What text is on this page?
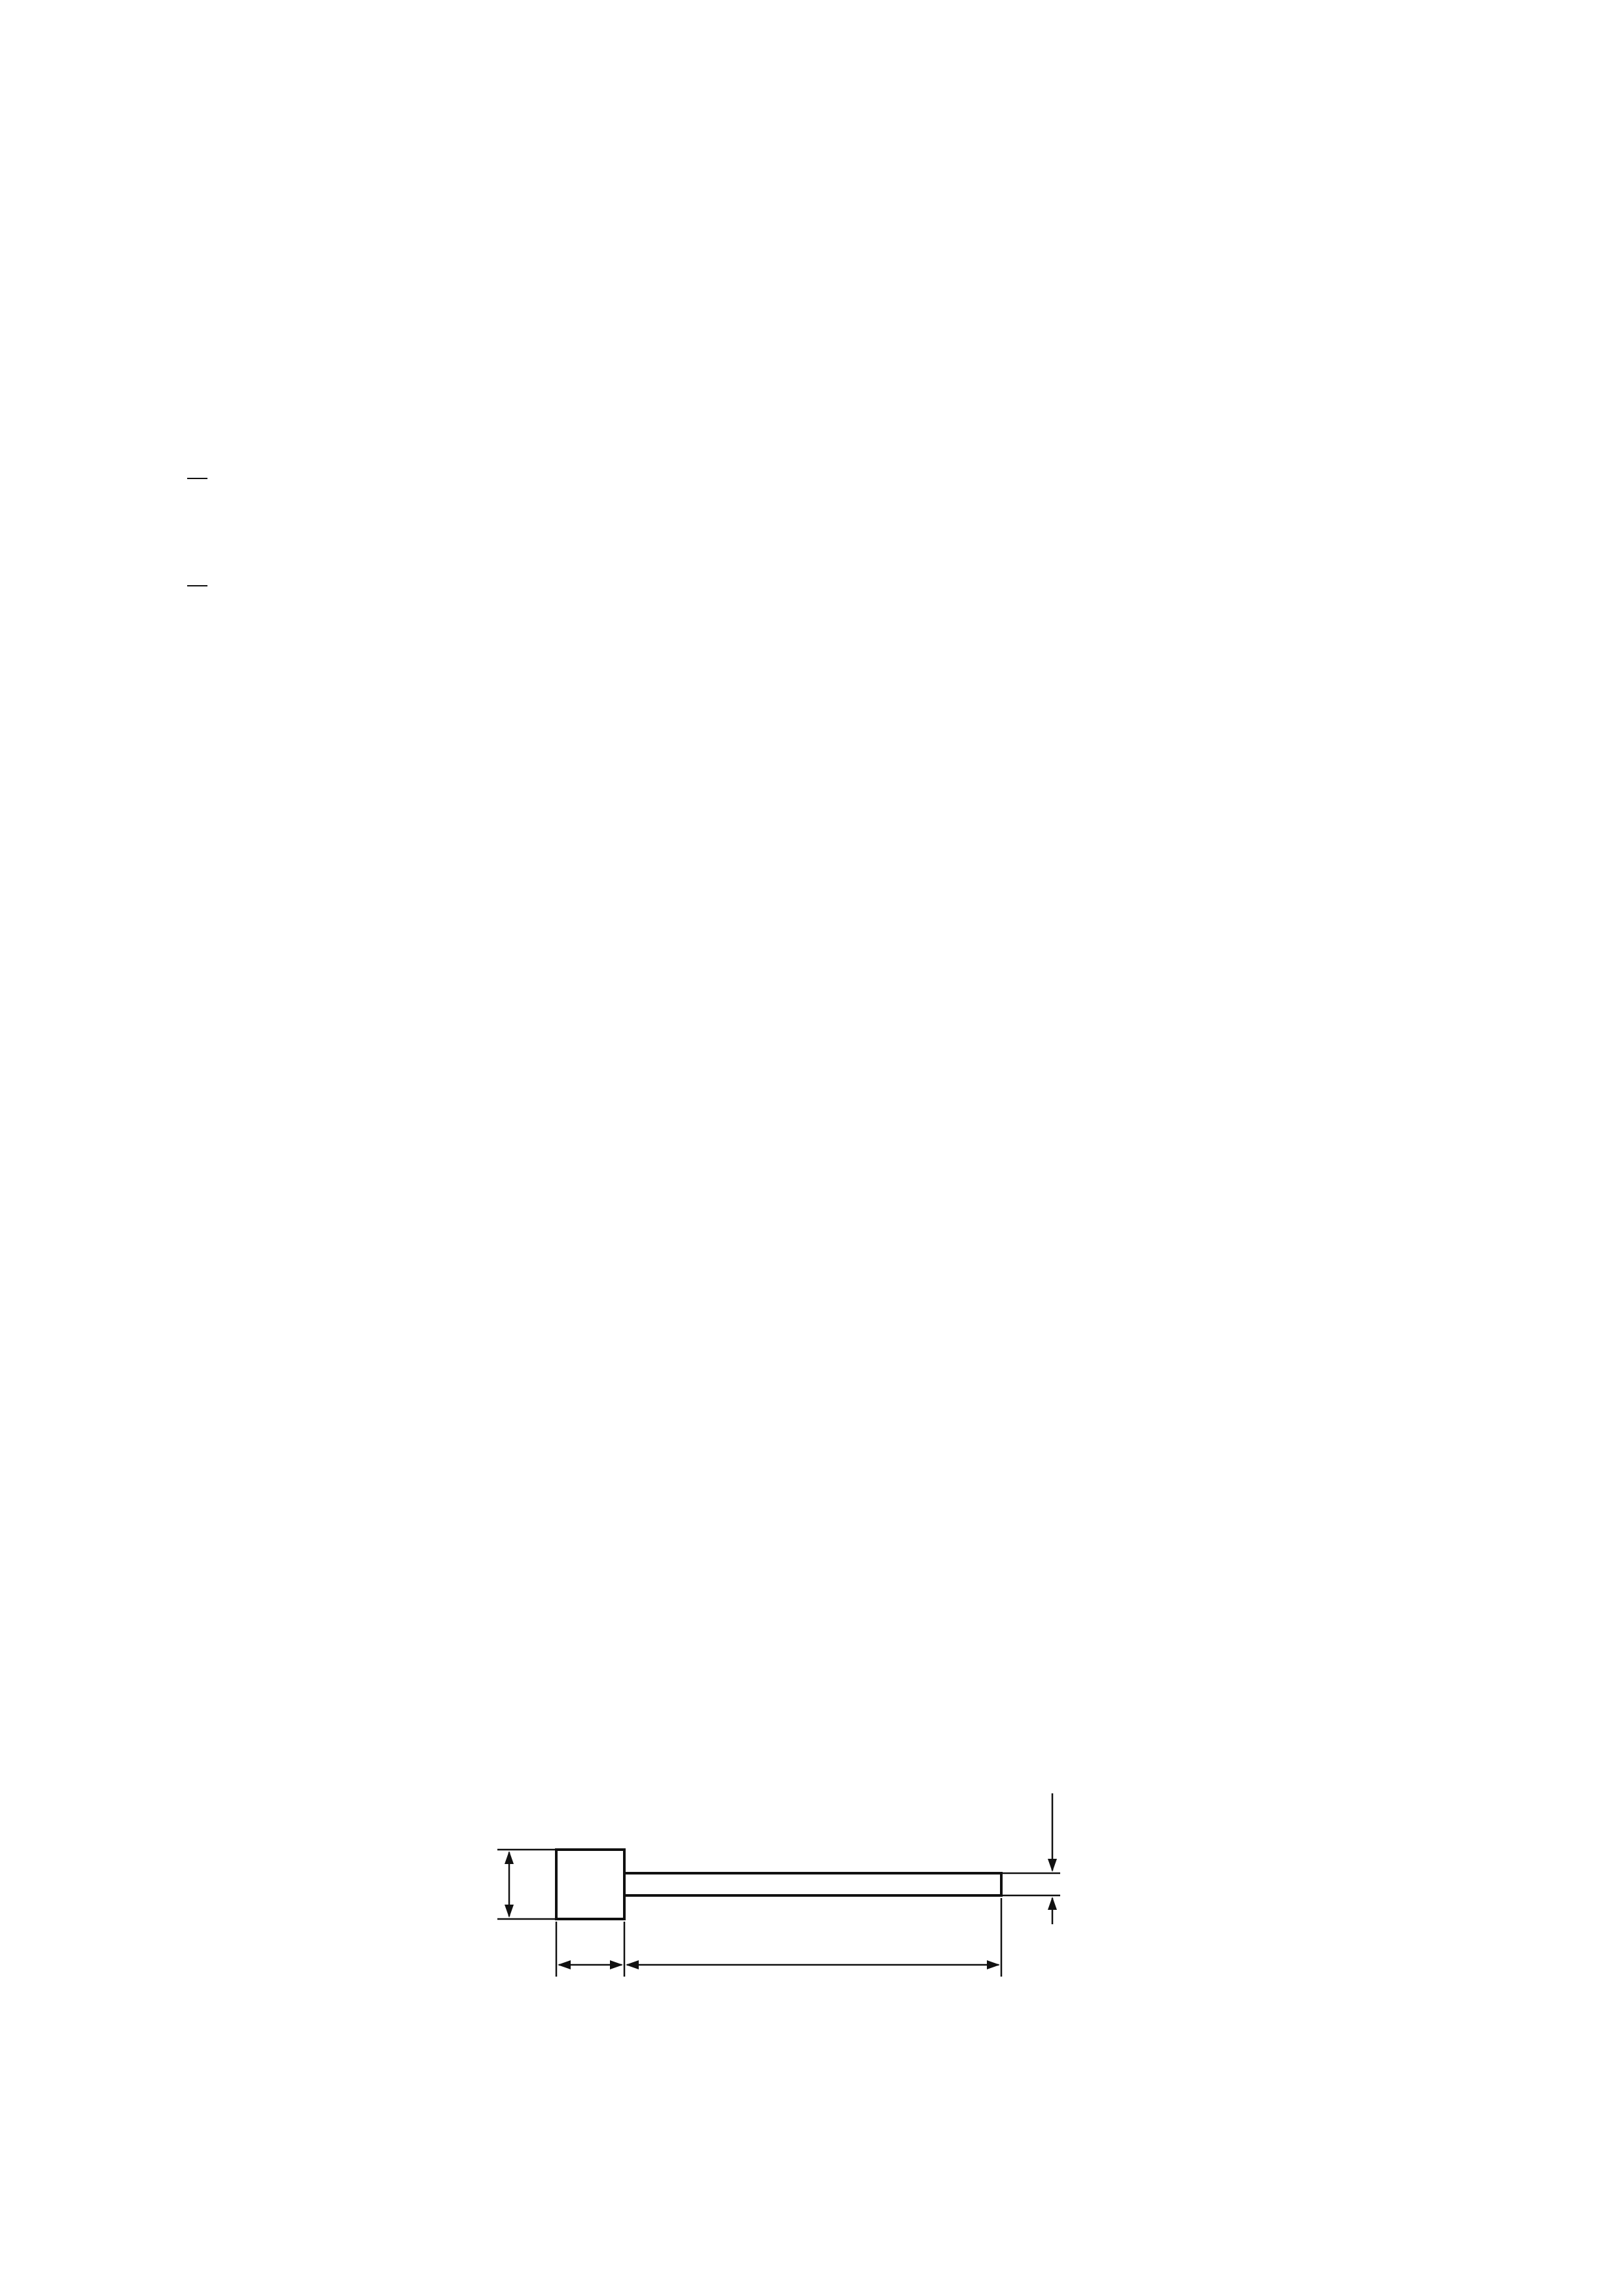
—

—
